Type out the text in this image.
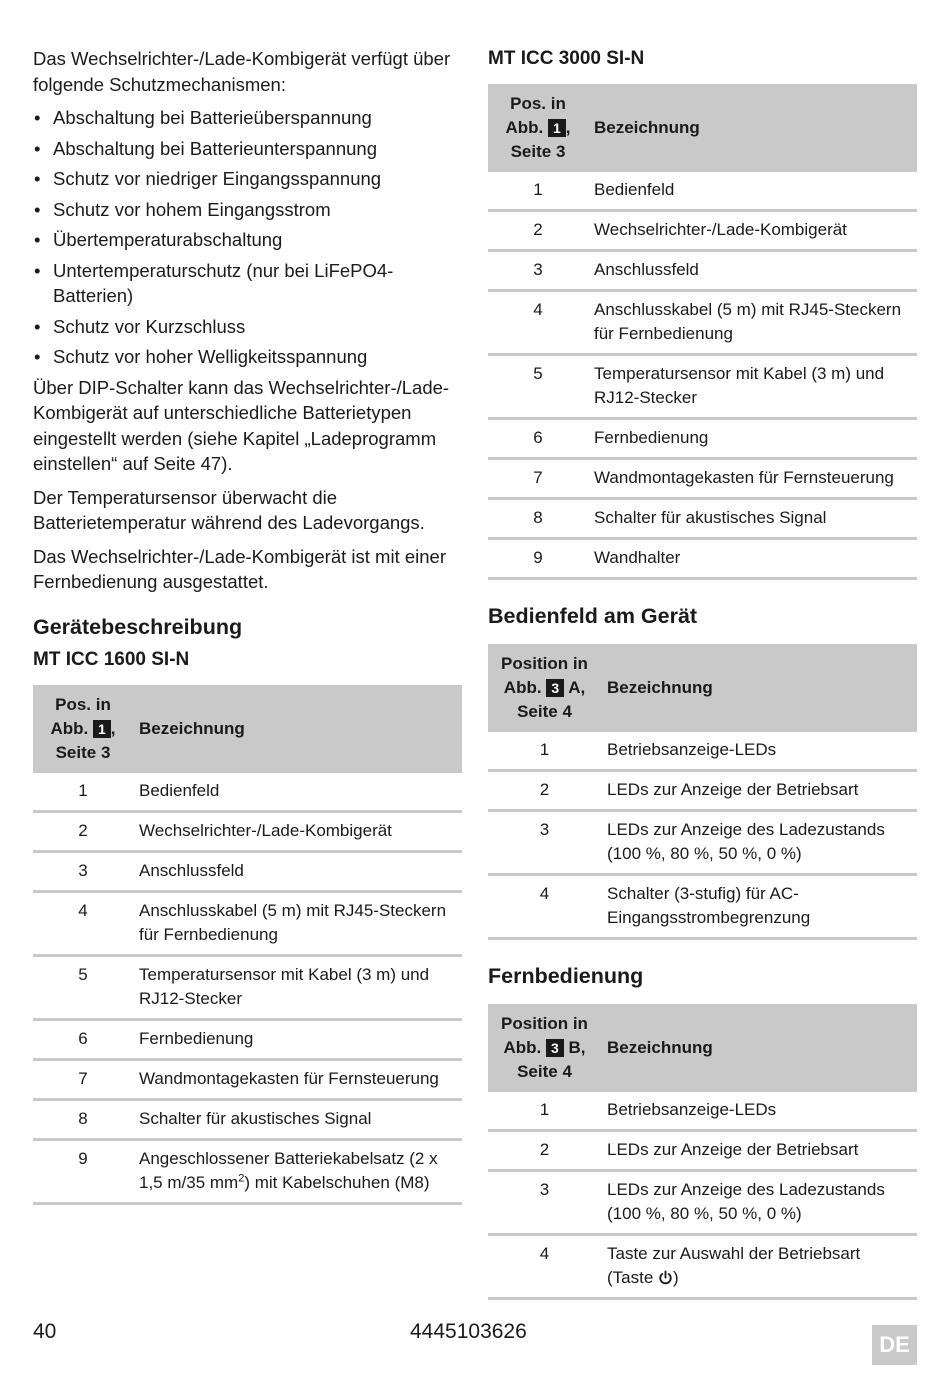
Das Wechselrichter-/Lade-Kombigerät verfügt über folgende Schutzmechanismen:

• Abschaltung bei Batterieüberspannung
• Abschaltung bei Batterieunterspannung
• Schutz vor niedriger Eingangsspannung
• Schutz vor hohem Eingangsstrom
• Übertemperaturabschaltung
• Untertemperaturschutz (nur bei LiFePO4-Batterien)
• Schutz vor Kurzschluss
• Schutz vor hoher Welligkeitsspannung

Über DIP-Schalter kann das Wechselrichter-/Lade-Kombigerät auf unterschiedliche Batterietypen eingestellt werden (siehe Kapitel „Ladeprogramm einstellen“ auf Seite 47).

Der Temperatursensor überwacht die Batterietemperatur während des Ladevorgangs.

Das Wechselrichter-/Lade-Kombigerät ist mit einer Fernbedienung ausgestattet.

Gerätebeschreibung
MT ICC 1600 SI-N
Pos. in
Abb. 1 ,
Seite 3	Bezeichnung
1	Bedienfeld
2	Wechselrichter-/Lade-Kombigerät
3	Anschlussfeld
4	Anschlusskabel (5 m) mit RJ45-Steckern für Fernbedienung
5	Temperatursensor mit Kabel (3 m) und RJ12-Stecker
6	Fernbedienung
7	Wandmontagekasten für Fernsteuerung
8	Schalter für akustisches Signal
9	Angeschlossener Batteriekabelsatz (2 x 1,5 m/35 $mm^2$) mit Kabelschuhen (M8)
MT ICC 3000 SI-N
Pos. in
Abb. 1 ,
Seite 3	Bezeichnung
1	Bedienfeld
2	Wechselrichter-/Lade-Kombigerät
3	Anschlussfeld
4	Anschlusskabel (5 m) mit RJ45-Steckern für Fernbedienung
5	Temperatursensor mit Kabel (3 m) und RJ12-Stecker
6	Fernbedienung
7	Wandmontagekasten für Fernsteuerung
8	Schalter für akustisches Signal
9	Wandhalter
Bedienfeld am Gerät
Position in
Abb. 3 A,
Seite 4	Bezeichnung
1	Betriebsanzeige-LEDs
2	LEDs zur Anzeige der Betriebsart
3	LEDs zur Anzeige des Ladezustands (100 %, 80 %, 50 %, 0 %)
4	Schalter (3-stufig) für AC-Eingangsstrombegrenzung
Fernbedienung
Position in
Abb. 3 B,
Seite 4	Bezeichnung
1	Betriebsanzeige-LEDs
2	LEDs zur Anzeige der Betriebsart
3	LEDs zur Anzeige des Ladezustands (100 %, 80 %, 50 %, 0 %)
4	Taste zur Auswahl der Betriebsart (Taste )
40	4445103626
DE
